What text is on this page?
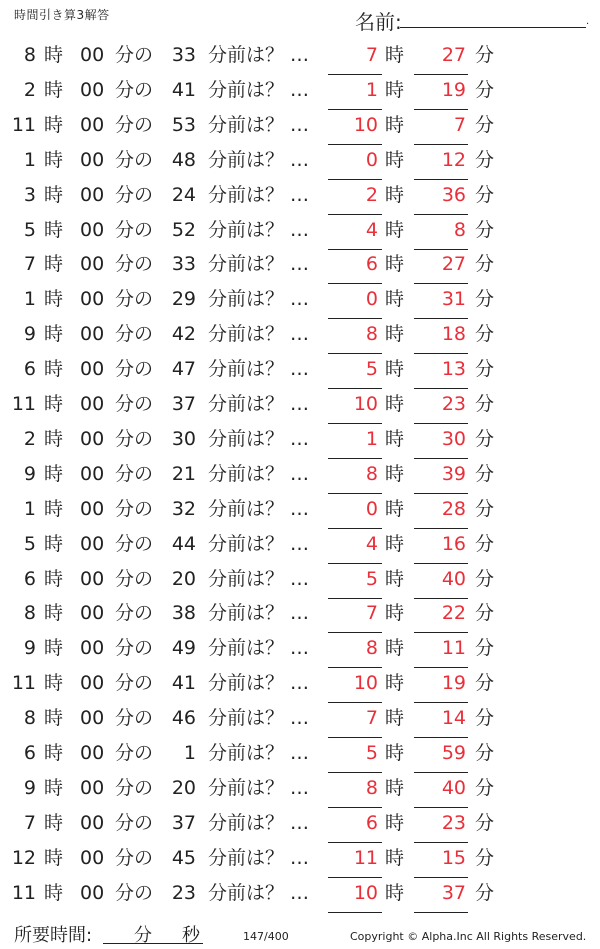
時間引き算3解答	名前:	.
8 時 00 分の 33 分前は？ …	7 時	27 分
2 時 00 分の 41 分前は？ …	1 時	19 分
11 時 00 分の 53 分前は？ …	10 時	7 分
1 時 00 分の 48 分前は？ …	0 時	12 分
3 時 00 分の 24 分前は？ …	2 時	36 分
5 時 00 分の 52 分前は？ …	4 時	8 分
7 時 00 分の 33 分前は？ …	6 時	27 分
1 時 00 分の 29 分前は？ …	0 時	31 分
9 時 00 分の 42 分前は？ …	8 時	18 分
6 時 00 分の 47 分前は？ …	5 時	13 分
11 時 00 分の 37 分前は？ …	10 時	23 分
2 時 00 分の 30 分前は？ …	1 時	30 分
9 時 00 分の 21 分前は？ …	8 時	39 分
1 時 00 分の 32 分前は？ …	0 時	28 分
5 時 00 分の 44 分前は？ …	4 時	16 分
6 時 00 分の 20 分前は？ …	5 時	40 分
8 時 00 分の 38 分前は？ …	7 時	22 分
9 時 00 分の 49 分前は？ …	8 時	11 分
11 時 00 分の 41 分前は？ …	10 時	19 分
8 時 00 分の 46 分前は？ …	7 時	14 分
6 時 00 分の	1 分前は？ …	5 時	59 分
9 時 00 分の 20 分前は？ …	8 時	40 分
7 時 00 分の 37 分前は？ …	6 時	23 分
12 時 00 分の 45 分前は？ …	11 時	15 分
11 時 00 分の 23 分前は？ …	10 時	37 分
所要時間: 分 秒	147/400	Copyright © Alpha.Inc All Rights Reserved.
